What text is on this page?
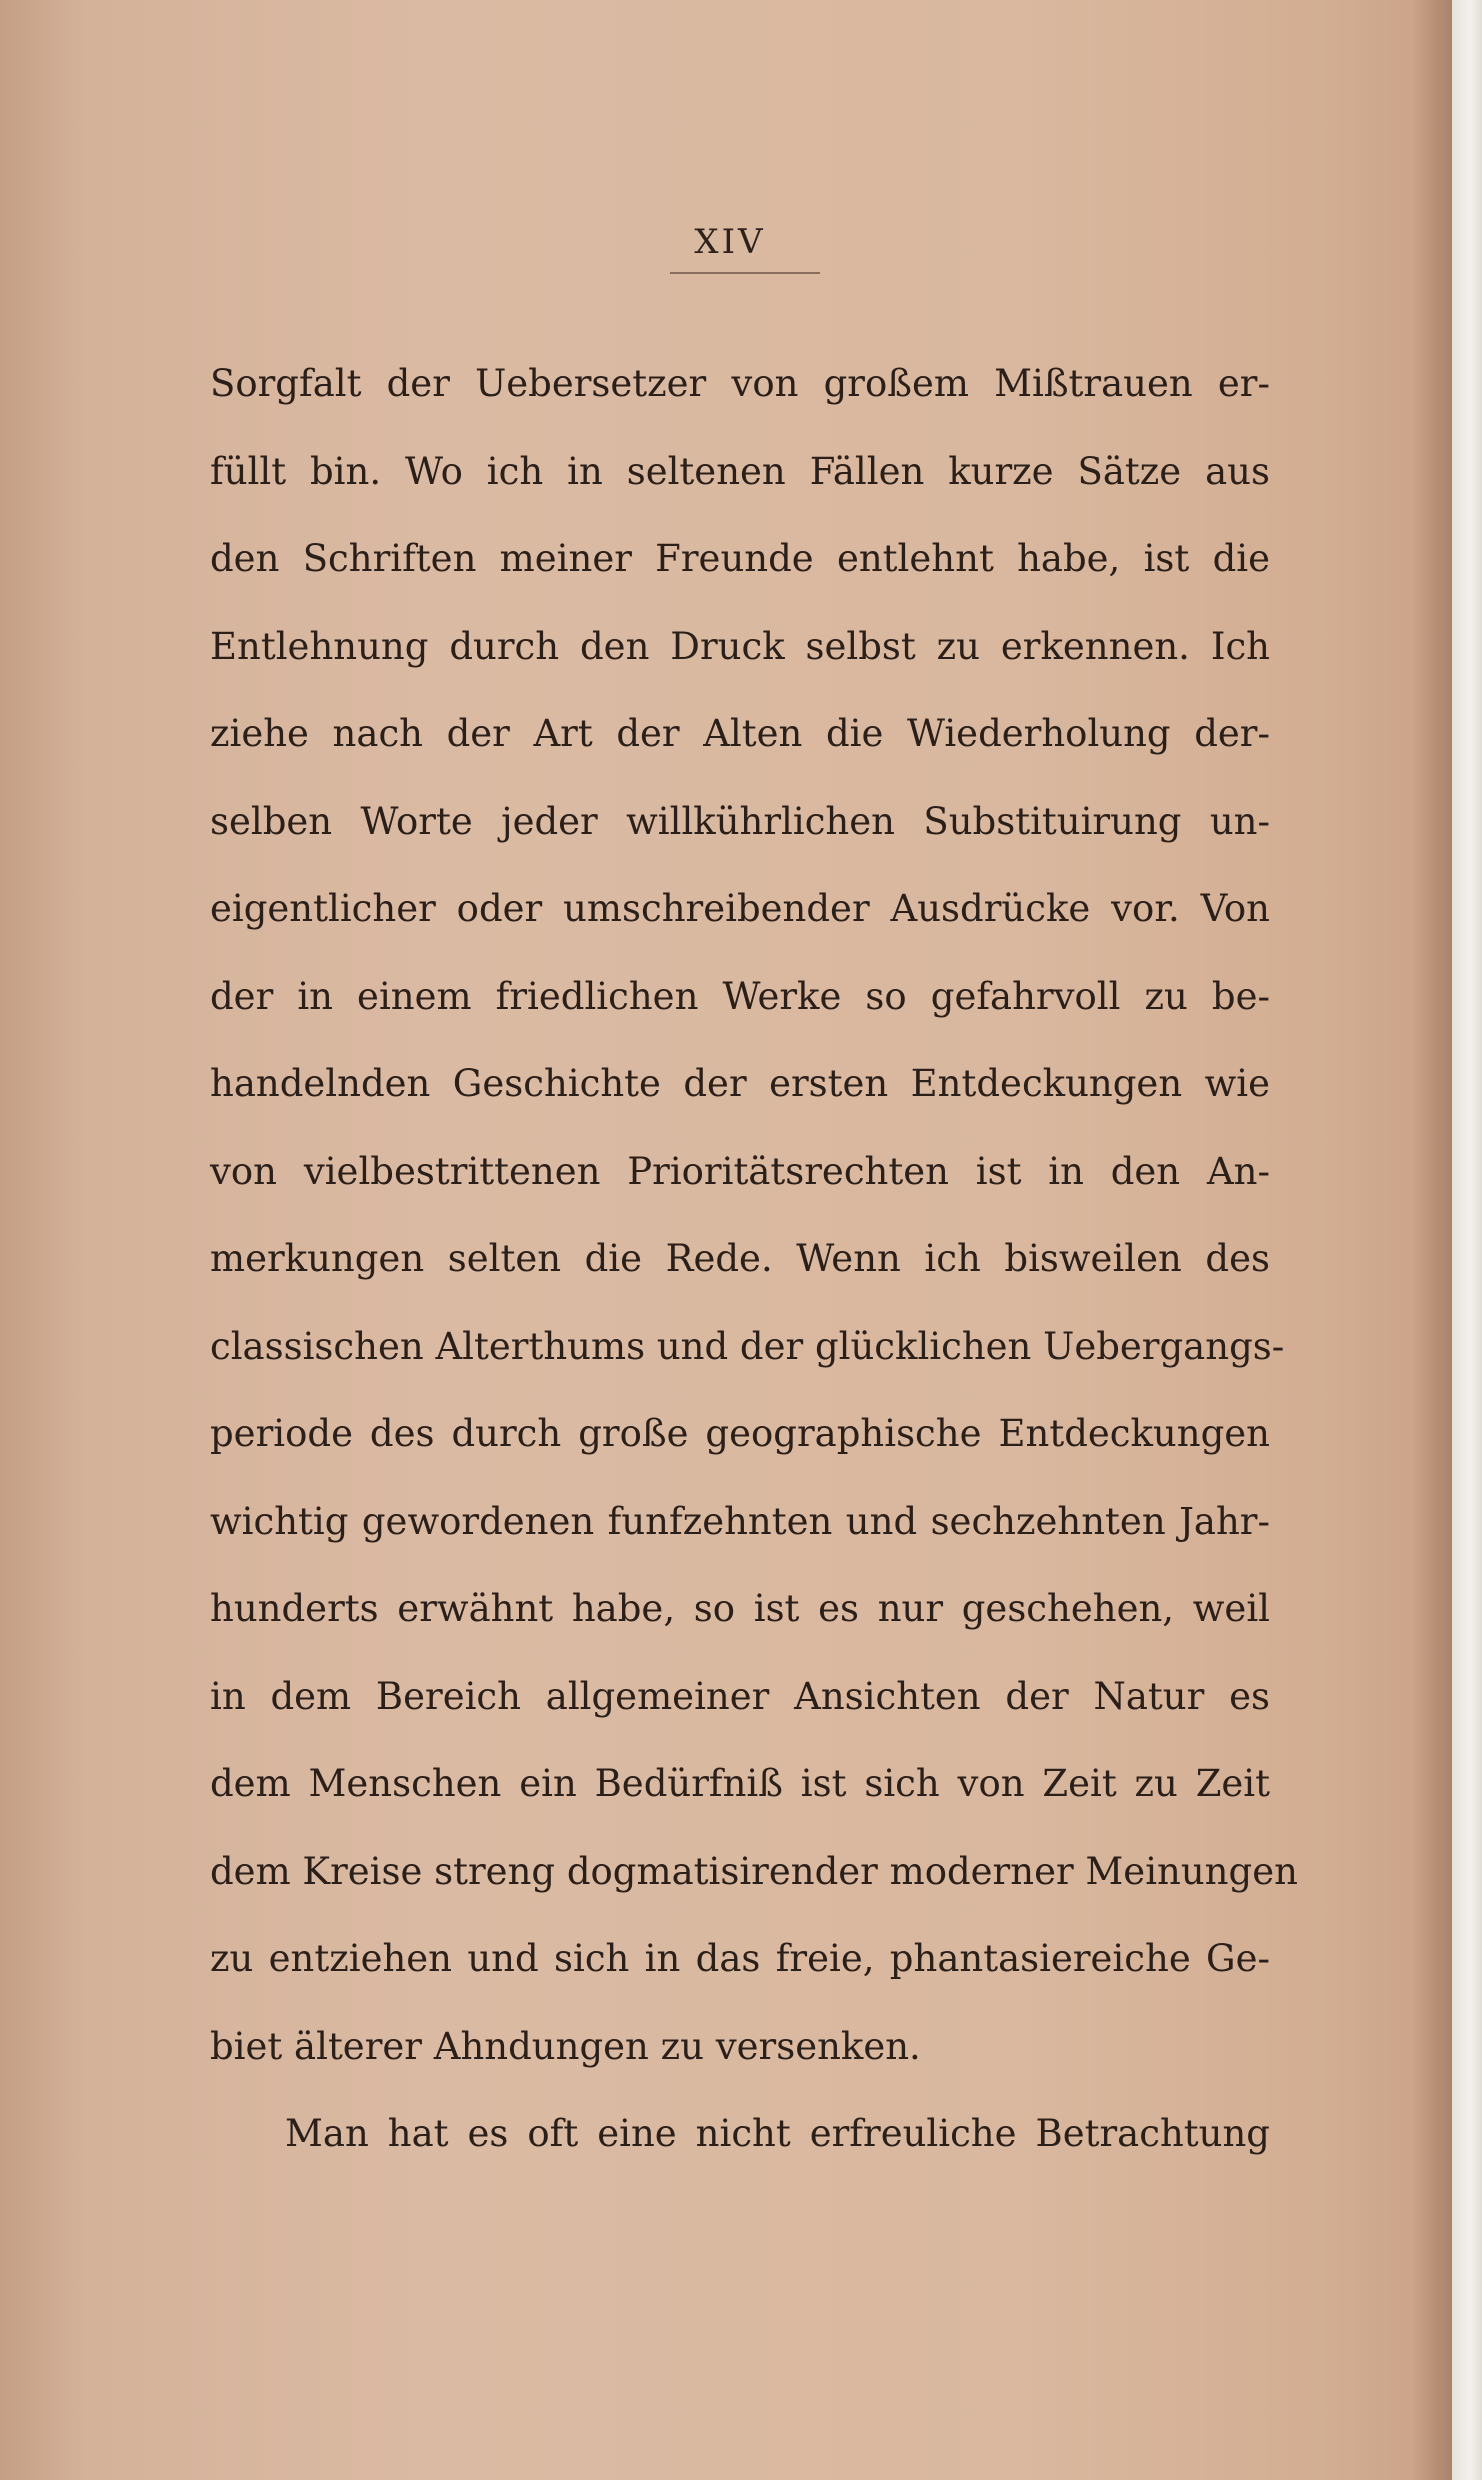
XIV
Sorgfalt der Uebersetzer von großem Mißtrauen er-
füllt bin. Wo ich in seltenen Fällen kurze Sätze aus
den Schriften meiner Freunde entlehnt habe, ist die
Entlehnung durch den Druck selbst zu erkennen. Ich
ziehe nach der Art der Alten die Wiederholung der-
selben Worte jeder willkührlichen Substituirung un-
eigentlicher oder umschreibender Ausdrücke vor. Von
der in einem friedlichen Werke so gefahrvoll zu be-
handelnden Geschichte der ersten Entdeckungen wie
von vielbestrittenen Prioritätsrechten ist in den An-
merkungen selten die Rede. Wenn ich bisweilen des
classischen Alterthums und der glücklichen Uebergangs-
periode des durch große geographische Entdeckungen
wichtig gewordenen funfzehnten und sechzehnten Jahr-
hunderts erwähnt habe, so ist es nur geschehen, weil
in dem Bereich allgemeiner Ansichten der Natur es
dem Menschen ein Bedürfniß ist sich von Zeit zu Zeit
dem Kreise streng dogmatisirender moderner Meinungen
zu entziehen und sich in das freie, phantasiereiche Ge-
biet älterer Ahndungen zu versenken.
Man hat es oft eine nicht erfreuliche Betrachtung
